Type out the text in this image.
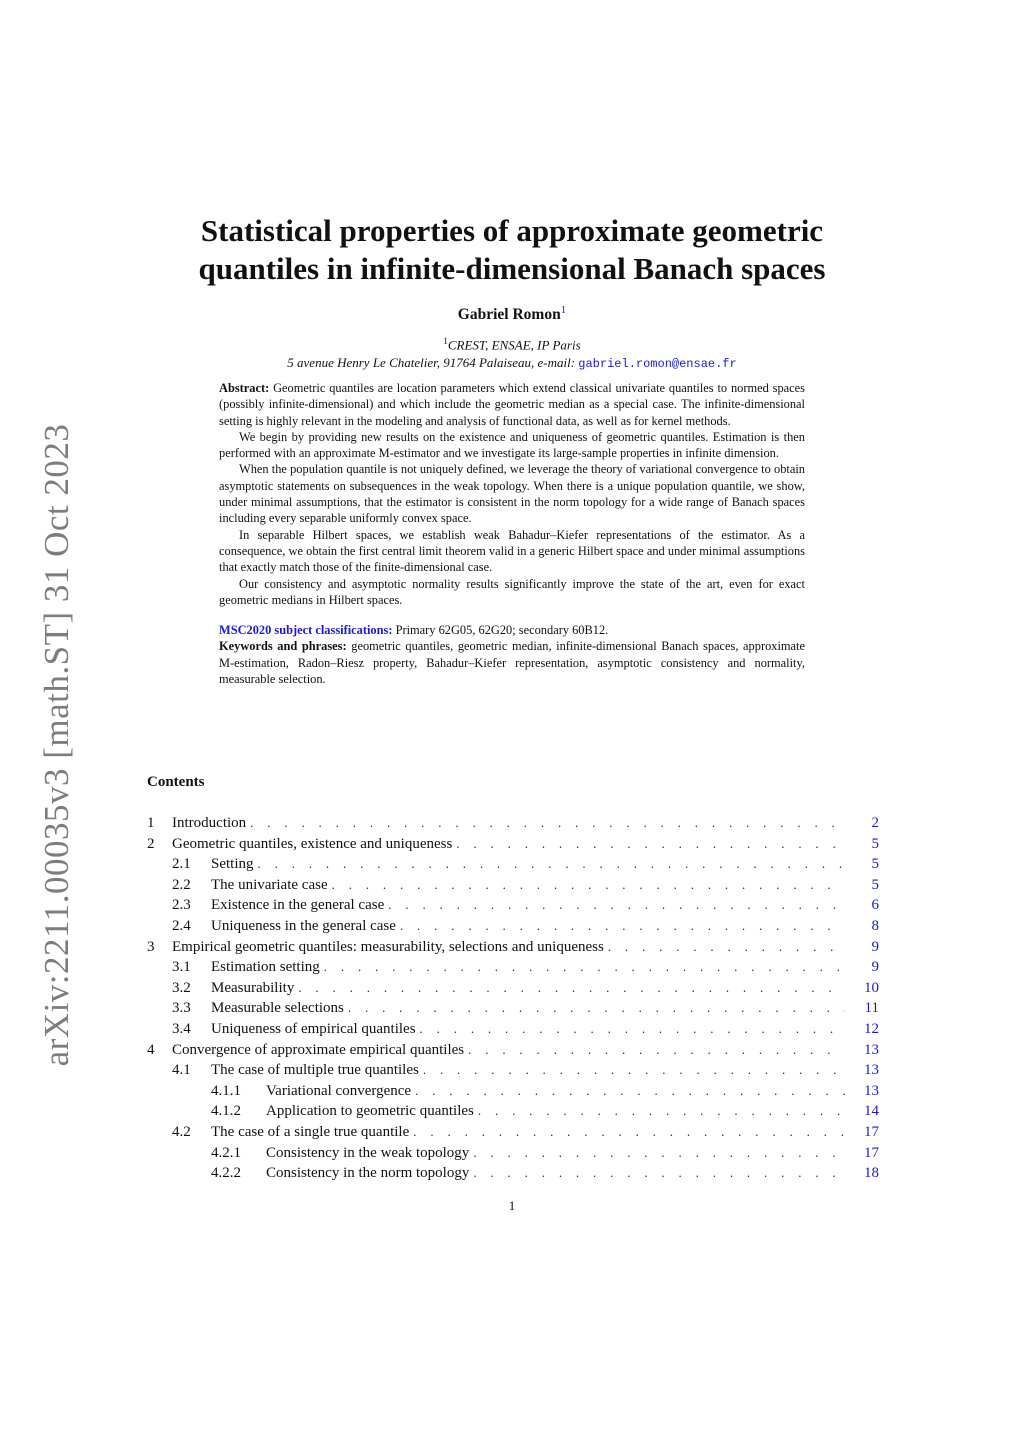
arXiv:2211.00035v3 [math.ST] 31 Oct 2023
Statistical properties of approximate geometric
quantiles in infinite-dimensional Banach spaces
Gabriel Romon$^1$
$^1$CREST, ENSAE, IP Paris
5 avenue Henry Le Chatelier, 91764 Palaiseau, e-mail: gabriel.romon@ensae.fr

Abstract: Geometric quantiles are location parameters which extend classical univariate quantiles to normed spaces (possibly infinite-dimensional) and which include the geometric median as a special case. The infinite-dimensional setting is highly relevant in the modeling and analysis of functional data, as well as for kernel methods.

We begin by providing new results on the existence and uniqueness of geometric quantiles. Estimation is then performed with an approximate M-estimator and we investigate its large-sample properties in infinite dimension.

When the population quantile is not uniquely defined, we leverage the theory of variational convergence to obtain asymptotic statements on subsequences in the weak topology. When there is a unique population quantile, we show, under minimal assumptions, that the estimator is consistent in the norm topology for a wide range of Banach spaces including every separable uniformly convex space.

In separable Hilbert spaces, we establish weak Bahadur–Kiefer representations of the estimator. As a consequence, we obtain the first central limit theorem valid in a generic Hilbert space and under minimal assumptions that exactly match those of the finite-dimensional case.

Our consistency and asymptotic normality results significantly improve the state of the art, even for exact geometric medians in Hilbert spaces.

MSC2020 subject classifications: Primary 62G05, 62G20; secondary 60B12.

Keywords and phrases: geometric quantiles, geometric median, infinite-dimensional Banach spaces, approximate M-estimation, Radon–Riesz property, Bahadur–Kiefer representation, asymptotic consistency and normality, measurable selection.

Contents
1	Introduction . . .	2
2	Geometric quantiles, existence and uniqueness . . .	5
2.1	Setting . . .	5
2.2	The univariate case . . .	5
2.3	Existence in the general case . . .	6
2.4	Uniqueness in the general case . . .	8
3	Empirical geometric quantiles: measurability, selections and uniqueness . . .	9
3.1	Estimation setting . . .	9
3.2	Measurability . . .	10
3.3	Measurable selections . . .	11
3.4	Uniqueness of empirical quantiles . . .	12
4	Convergence of approximate empirical quantiles . . .	13
4.1	The case of multiple true quantiles . . .	13
4.1.1	Variational convergence . . .	13
4.1.2	Application to geometric quantiles . . .	14
4.2	The case of a single true quantile . . .	17
4.2.1	Consistency in the weak topology . . .	17
4.2.2	Consistency in the norm topology . . .	18
1
